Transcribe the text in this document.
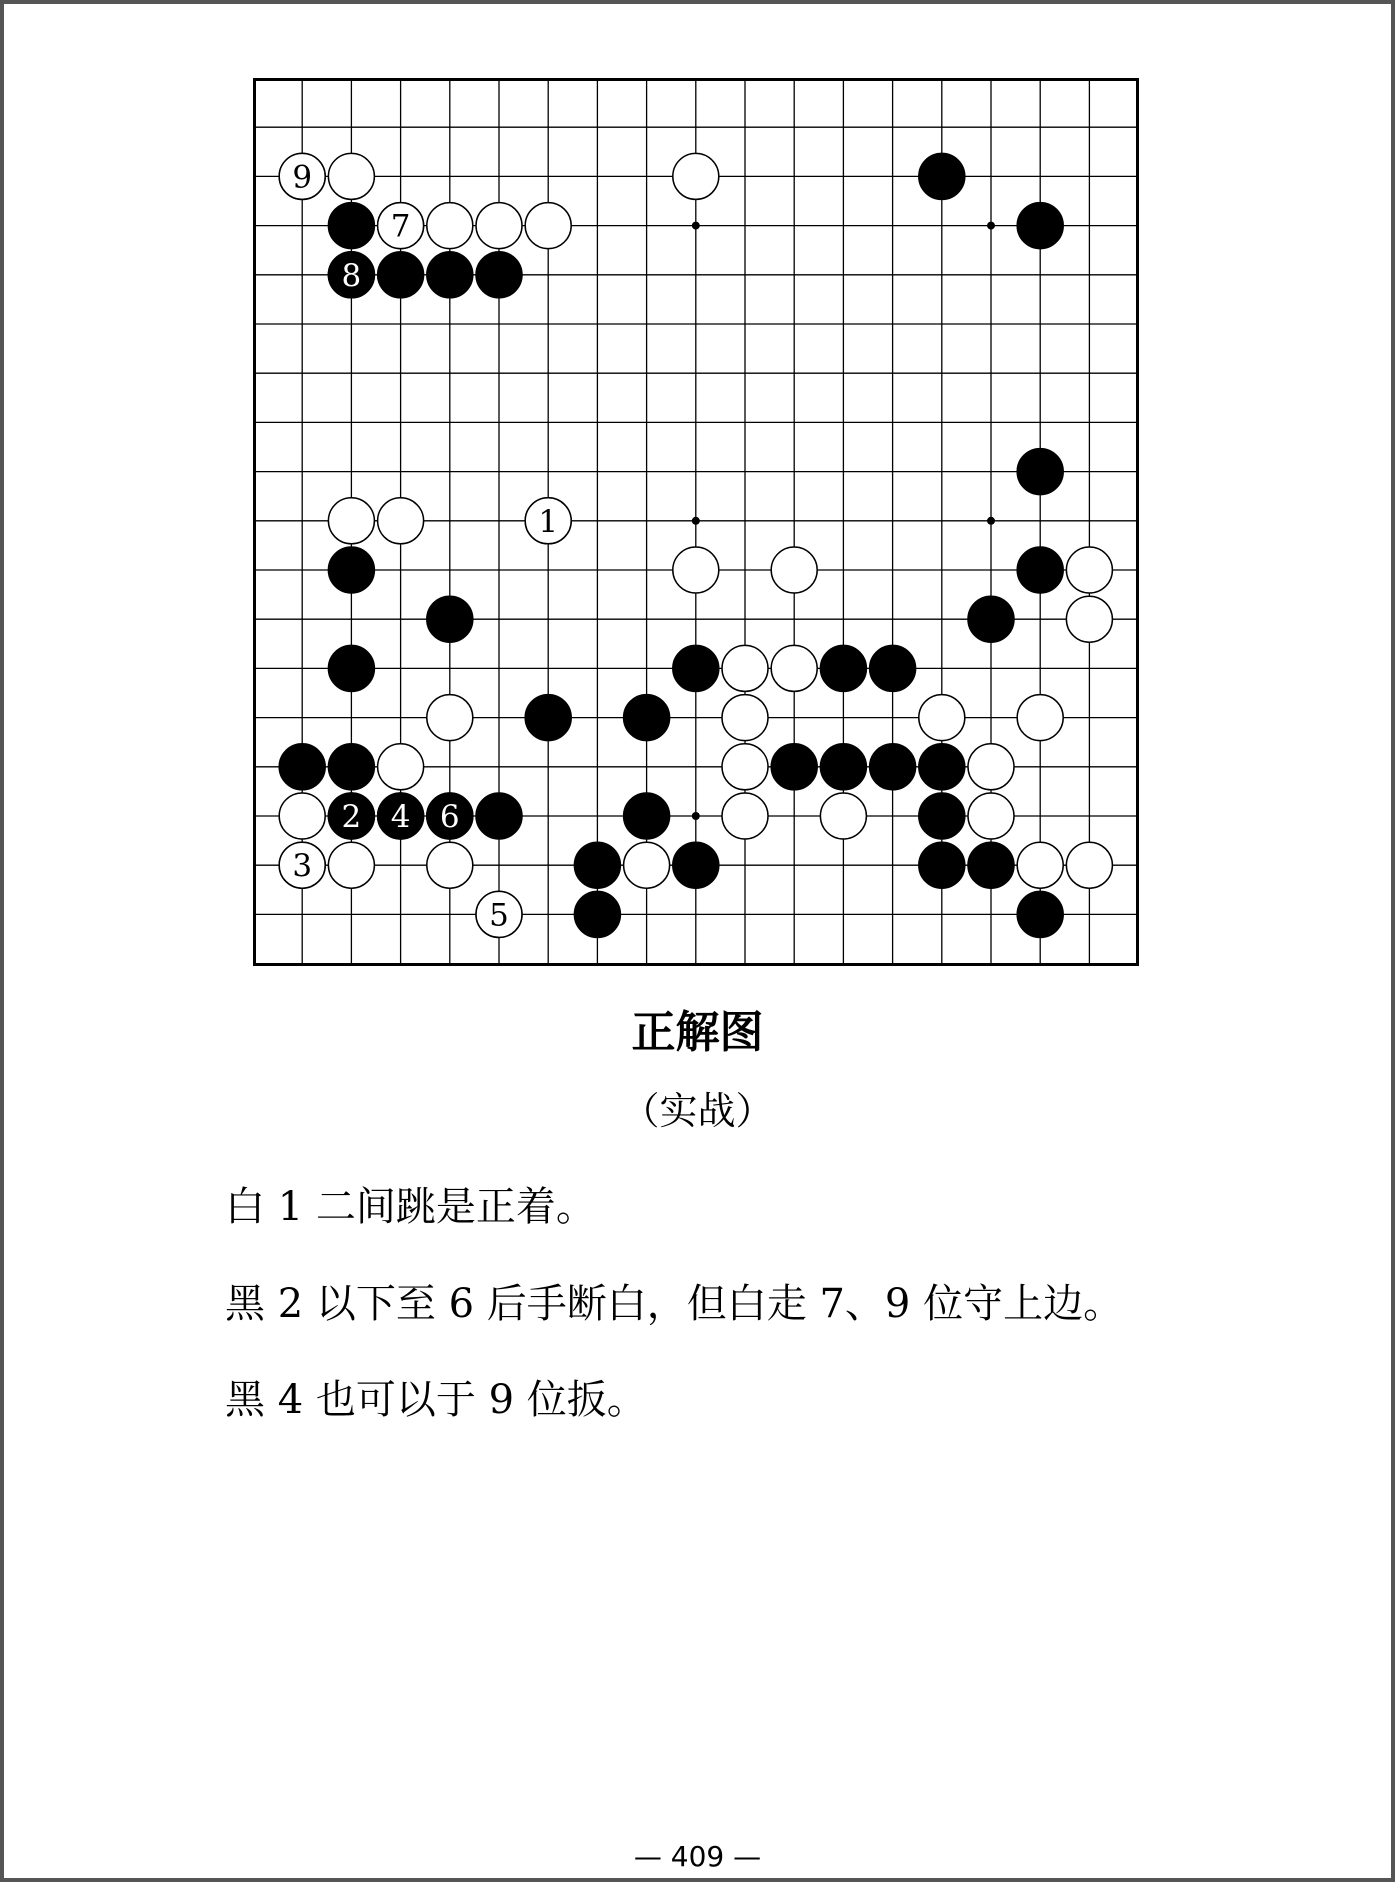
1
2
3
4
5
6
7
8
9
正解图
（实战）
白 1 二间跳是正着。
黑 2 以下至 6 后手断白，但白走 7、9 位守上边。
黑 4 也可以于 9 位扳。
— 409 —
